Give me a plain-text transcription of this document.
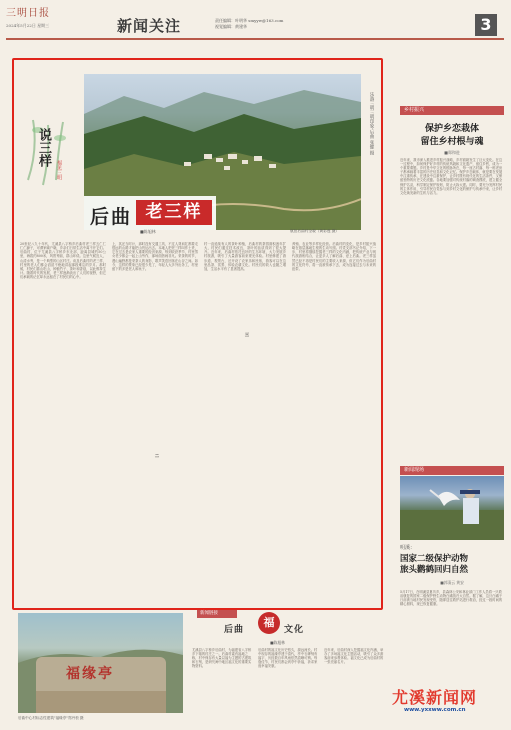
三明日报
2024年5月22日 星期三	新闻关注	责任编辑：叶明华 smyyw@163.com
视觉编辑：黄建华	3
说三样
福见三明
乐游三明三明印象·后曲 张健 摄
后曲 老三样
■陈旭林	航拍后曲村全貌（黄彩莲 摄）
20世纪八九十年代，尤溪县八字桥乡后曲村老三样五仁仁仁仁蹄子，可谓家喻户晓，乡亲们日常生活中离不开它们。后曲村，位于尤溪县八字桥乡东北部，距离县城约50公里，海拔约800米，风景秀丽，群山环绕。这里气候宜人，山清水秀，是一个典型的山区村庄。谈及后曲村的老三样，村里的老人们都会滔滔不绝地讲起那段难忘的岁月。那时候，村民们靠山吃山，种植竹子、茶叶和香菇，以此维持生计。随着时代的发展，老三样逐渐淡出了人们的视野，但它们承载的记忆却永远留在了村民们的心中。
上，其还当时计，那时没有交通工具，不过人背肩扛都要走很远的山路才能把山货运出去。本地人把老三样叫作土货，它在过去是农家人重要的经济来源，每到收获季节，村里男女老少都会一起上山劳作，那场面热闹非凡。采茶的时节，漫山遍野都是采茶人的身影，歌声笑语回荡在山谷之间。如今，这样的景象已经很少见了，年轻人大多外出务工，村里留下的多是老人和孩子。
村一直延续有人的茶叶种植，后曲村的茶园面积逐年扩大，村民们通过技术改良，茶叶的品质得到了很大提升。近年来，后曲村依托良好的生态环境，大力发展乡村旅游，吸引了大量游客前来观光体验。村里修建了游步道、观景台，还开设了农家乐和民宿，游客可以在这里品茶、赏景、体验农耕文化。村民们的收入也随之增加，生活水平有了显著提高。
养殖、农业等多样化经营。后曲村的变化，是乡村振兴战略在基层落地生根的生动写照。村党支部书记介绍，下一步，村里将继续挖掘老三样的文化内涵，把传统产业与现代旅游相结合，让更多人了解后曲、爱上后曲。老三样虽然已经不再是村民们的主要收入来源，但它们作为后曲村的文化符号，将一直被传承下去，成为连接过去与未来的纽带。
二
三
乡村振兴
保护乡恋栽体
留住乡村根与魂
■郑和进
近年来，我市深入推进乡村振兴战略，乡村面貌发生了巨大变化。在这一过程中，如何保护好乡村的传统风貌和文化遗产，留住乡愁，成为一个重要课题。乡村是中华文化的根脉所在，每一座古村落、每一栋老房子都承载着丰富的历史信息和文化记忆。保护乡恋载体，就是要在发展中注重传承，在建设中注重保护，让乡村既有现代化的生活条件，又保留独特的历史文化底蕴。各地要加强对传统村落的调查摸底，建立健全保护名录，科学制定保护规划，防止大拆大建。同时，要充分发挥村民的主体作用，引导村民自觉参与到乡村文化的保护与传承中来，让乡村文化焕发新的生机与活力。
新闻现场
明溪：
国家二级保护动物
旅头鹳鹤回归自然
■郭清云 黄安
5月17日，在明溪县夏坊乡，县森林公安和林业部门工作人员将一只救治康复的国家二级保护野生动物白鹇放归大自然。据了解，这只白鹇于日前被当地村民发现受伤，随即送往救护站进行救治，经过一段时间的精心照料，现已恢复健康。
福缘亭
后曲中心村标志性建筑"福缘亭"郑丹松 摄
新闻链接
后曲
福
文化
■陈旭林
尤溪县八字桥乡后曲村，为福建省八字桥乡下辖的村庄之一。后曲村素有福地之称，村中保存有大量以福为主题的古建筑和石刻，是研究闽中地区福文化的重要实物资料。
后曲村的福文化历史悠久，源远流长。村中现存的福缘亭建于清代，亭中石碑刻有福字，历经数百年风雨依然清晰可辨。每逢佳节，村民们都会到亭中祈福，祈求家庭幸福安康。
近年来，后曲村深入挖掘福文化内涵，举办了多场福文化主题活动，吸引了众多游客前来参观体验。福文化已成为后曲村的一张亮丽名片。
尤溪新闻网
www.yxxww.com.cn
